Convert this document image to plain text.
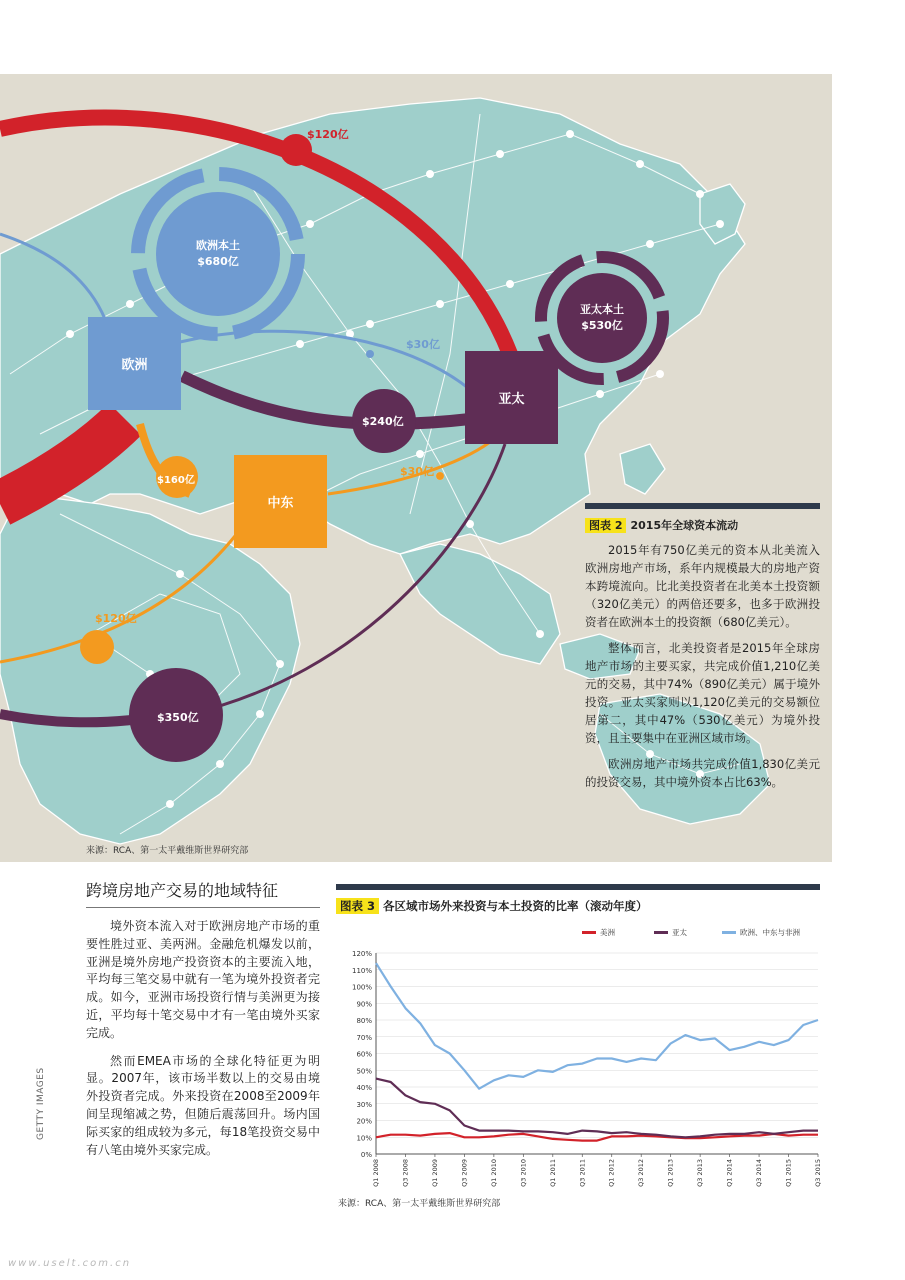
欧洲
亚太
中东
欧洲本土
$680亿
亚太本土
$530亿
$120亿
$30亿
$240亿
$160亿
$30亿
$120亿
$350亿
图表 2 2015年全球资本流动

2015年有750亿美元的资本从北美流入欧洲房地产市场，系年内规模最大的房地产资本跨境流向。比北美投资者在北美本土投资额（320亿美元）的两倍还要多，也多于欧洲投资者在欧洲本土的投资额（680亿美元）。

整体而言，北美投资者是2015年全球房地产市场的主要买家，共完成价值1,210亿美元的交易，其中74%（890亿美元）属于境外投资。亚太买家则以1,120亿美元的交易额位居第二，其中47%（530亿美元）为境外投资，且主要集中在亚洲区域市场。

欧洲房地产市场共完成价值1,830亿美元的投资交易，其中境外资本占比63%。

来源：RCA、第一太平戴维斯世界研究部
跨境房地产交易的地域特征

境外资本流入对于欧洲房地产市场的重要性胜过亚、美两洲。金融危机爆发以前，亚洲是境外房地产投资资本的主要流入地，平均每三笔交易中就有一笔为境外投资者完成。如今，亚洲市场投资行情与美洲更为接近，平均每十笔交易中才有一笔由境外买家完成。

然而EMEA市场的全球化特征更为明显。2007年，该市场半数以上的交易由境外投资者完成。外来投资在2008至2009年间呈现缩减之势，但随后震荡回升。场内国际买家的组成较为多元，每18笔投资交易中有八笔由境外买家完成。

图表 3 各区域市场外来投资与本土投资的比率（滚动年度）
美洲	亚太	欧洲、中东与非洲
0%
10%
20%
30%
40%
50%
60%
70%
80%
90%
100%
110%
120%
Q1 2008	Q3 2008	Q1 2009	Q3 2009	Q1 2010	Q3 2010	Q1 2011	Q3 2011	Q1 2012	Q3 2012	Q1 2013	Q3 2013	Q1 2014	Q3 2014	Q1 2015	Q3 2015
来源：RCA、第一太平戴维斯世界研究部
GETTY IMAGES
www.uselt.com.cn
